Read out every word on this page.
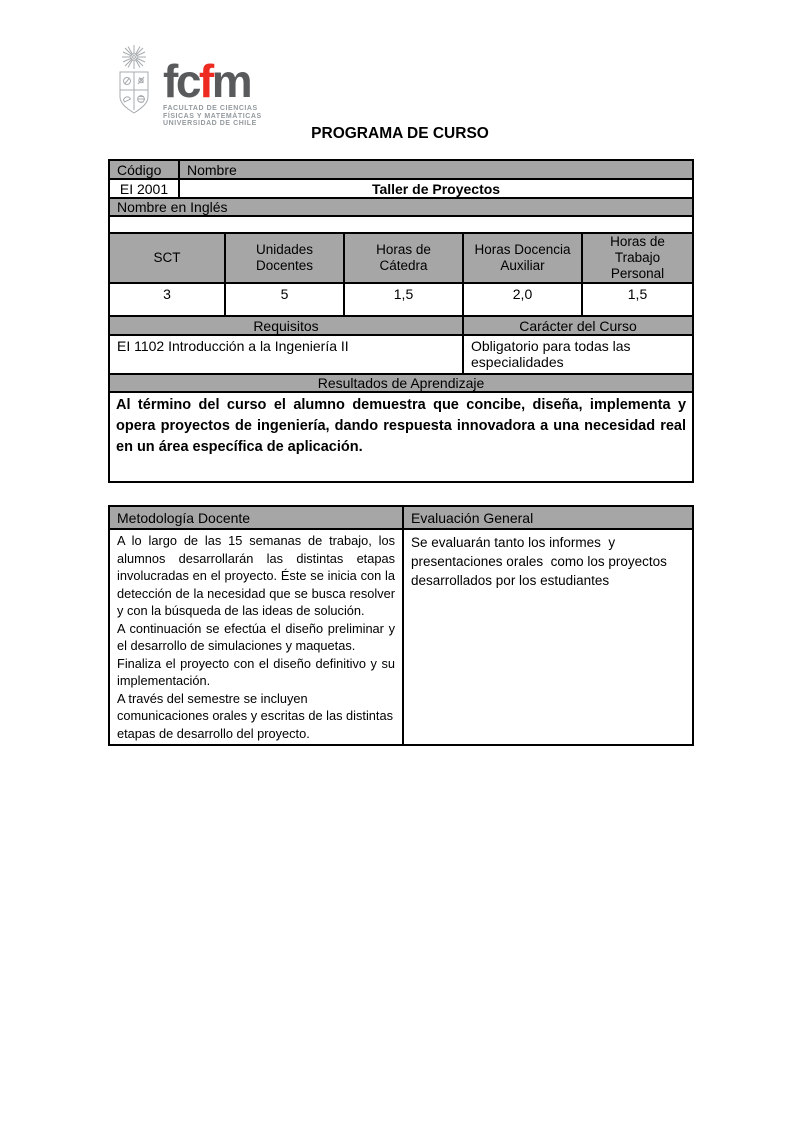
fcfm
FACULTAD DE CIENCIAS
FÍSICAS Y MATEMÁTICAS
UNIVERSIDAD DE CHILE
PROGRAMA DE CURSO
Código	Nombre				
EI 2001	Taller de Proyectos				
Nombre en Inglés					

SCT		Unidades Docentes	Horas de Cátedra	Horas Docencia Auxiliar	Horas de Trabajo Personal
3		5	1,5	2,0	1,5
Requisitos				Carácter del Curso	
EI 1102 Introducción a la Ingeniería II				Obligatorio para todas las especialidades	
Resultados de Aprendizaje					
Al término del curso el alumno demuestra que concibe, diseña, implementa y opera proyectos de ingeniería, dando respuesta innovadora a una necesidad real en un área específica de aplicación.					
Metodología Docente	Evaluación General

A lo largo de las 15 semanas de trabajo, los alumnos desarrollarán las distintas etapas involucradas en el proyecto. Éste se inicia con la detección de la necesidad que se busca resolver y con la búsqueda de las ideas de solución.

A continuación se efectúa el diseño preliminar y el desarrollo de simulaciones y maquetas.

Finaliza el proyecto con el diseño definitivo y su implementación.

A través del semestre se incluyen comunicaciones orales y escritas de las distintas etapas de desarrollo del proyecto.	Se evaluarán tanto los informes  y presentaciones orales  como los proyectos desarrollados por los estudiantes
